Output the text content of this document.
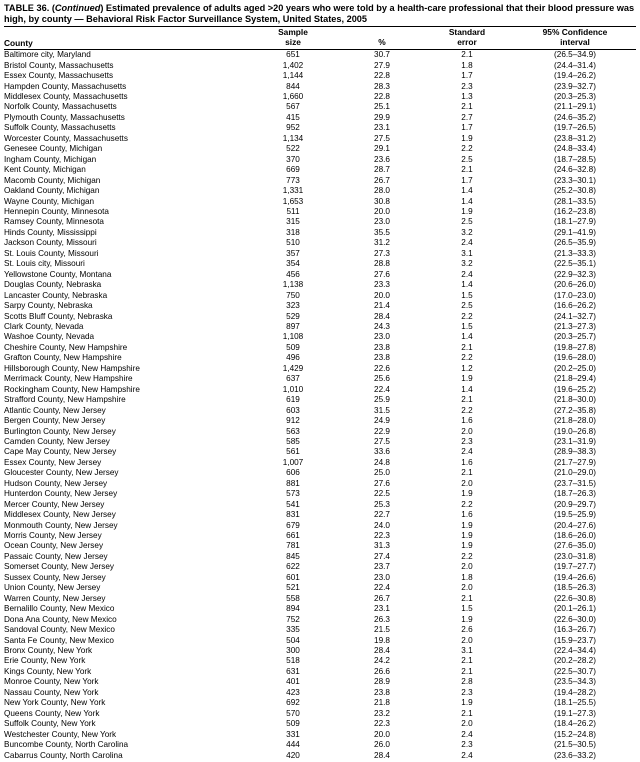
TABLE 36. (Continued) Estimated prevalence of adults aged >20 years who were told by a health-care professional that their blood pressure was high, by county — Behavioral Risk Factor Surveillance System, United States, 2005

	Sample		Standard	95% Confidence
County	size	%	error	interval

Baltimore city, Maryland	651	30.7	2.1	(26.5–34.9)
Bristol County, Massachusetts	1,402	27.9	1.8	(24.4–31.4)
Essex County, Massachusetts	1,144	22.8	1.7	(19.4–26.2)
Hampden County, Massachusetts	844	28.3	2.3	(23.9–32.7)
Middlesex County, Massachusetts	1,660	22.8	1.3	(20.3–25.3)
Norfolk County, Massachusetts	567	25.1	2.1	(21.1–29.1)
Plymouth County, Massachusetts	415	29.9	2.7	(24.6–35.2)
Suffolk County, Massachusetts	952	23.1	1.7	(19.7–26.5)
Worcester County, Massachusetts	1,134	27.5	1.9	(23.8–31.2)
Genesee County, Michigan	522	29.1	2.2	(24.8–33.4)
Ingham County, Michigan	370	23.6	2.5	(18.7–28.5)
Kent County, Michigan	669	28.7	2.1	(24.6–32.8)
Macomb County, Michigan	773	26.7	1.7	(23.3–30.1)
Oakland County, Michigan	1,331	28.0	1.4	(25.2–30.8)
Wayne County, Michigan	1,653	30.8	1.4	(28.1–33.5)
Hennepin County, Minnesota	511	20.0	1.9	(16.2–23.8)
Ramsey County, Minnesota	315	23.0	2.5	(18.1–27.9)
Hinds County, Mississippi	318	35.5	3.2	(29.1–41.9)
Jackson County, Missouri	510	31.2	2.4	(26.5–35.9)
St. Louis County, Missouri	357	27.3	3.1	(21.3–33.3)
St. Louis city, Missouri	354	28.8	3.2	(22.5–35.1)
Yellowstone County, Montana	456	27.6	2.4	(22.9–32.3)
Douglas County, Nebraska	1,138	23.3	1.4	(20.6–26.0)
Lancaster County, Nebraska	750	20.0	1.5	(17.0–23.0)
Sarpy County, Nebraska	323	21.4	2.5	(16.6–26.2)
Scotts Bluff County, Nebraska	529	28.4	2.2	(24.1–32.7)
Clark County, Nevada	897	24.3	1.5	(21.3–27.3)
Washoe County, Nevada	1,108	23.0	1.4	(20.3–25.7)
Cheshire County, New Hampshire	509	23.8	2.1	(19.8–27.8)
Grafton County, New Hampshire	496	23.8	2.2	(19.6–28.0)
Hillsborough County, New Hampshire	1,429	22.6	1.2	(20.2–25.0)
Merrimack County, New Hampshire	637	25.6	1.9	(21.8–29.4)
Rockingham County, New Hampshire	1,010	22.4	1.4	(19.6–25.2)
Strafford County, New Hampshire	619	25.9	2.1	(21.8–30.0)
Atlantic County, New Jersey	603	31.5	2.2	(27.2–35.8)
Bergen County, New Jersey	912	24.9	1.6	(21.8–28.0)
Burlington County, New Jersey	563	22.9	2.0	(19.0–26.8)
Camden County, New Jersey	585	27.5	2.3	(23.1–31.9)
Cape May County, New Jersey	561	33.6	2.4	(28.9–38.3)
Essex County, New Jersey	1,007	24.8	1.6	(21.7–27.9)
Gloucester County, New Jersey	606	25.0	2.1	(21.0–29.0)
Hudson County, New Jersey	881	27.6	2.0	(23.7–31.5)
Hunterdon County, New Jersey	573	22.5	1.9	(18.7–26.3)
Mercer County, New Jersey	541	25.3	2.2	(20.9–29.7)
Middlesex County, New Jersey	831	22.7	1.6	(19.5–25.9)
Monmouth County, New Jersey	679	24.0	1.9	(20.4–27.6)
Morris County, New Jersey	661	22.3	1.9	(18.6–26.0)
Ocean County, New Jersey	781	31.3	1.9	(27.6–35.0)
Passaic County, New Jersey	845	27.4	2.2	(23.0–31.8)
Somerset County, New Jersey	622	23.7	2.0	(19.7–27.7)
Sussex County, New Jersey	601	23.0	1.8	(19.4–26.6)
Union County, New Jersey	521	22.4	2.0	(18.5–26.3)
Warren County, New Jersey	558	26.7	2.1	(22.6–30.8)
Bernalillo County, New Mexico	894	23.1	1.5	(20.1–26.1)
Dona Ana County, New Mexico	752	26.3	1.9	(22.6–30.0)
Sandoval County, New Mexico	335	21.5	2.6	(16.3–26.7)
Santa Fe County, New Mexico	504	19.8	2.0	(15.9–23.7)
Bronx County, New York	300	28.4	3.1	(22.4–34.4)
Erie County, New York	518	24.2	2.1	(20.2–28.2)
Kings County, New York	631	26.6	2.1	(22.5–30.7)
Monroe County, New York	401	28.9	2.8	(23.5–34.3)
Nassau County, New York	423	23.8	2.3	(19.4–28.2)
New York County, New York	692	21.8	1.9	(18.1–25.5)
Queens County, New York	570	23.2	2.1	(19.1–27.3)
Suffolk County, New York	509	22.3	2.0	(18.4–26.2)
Westchester County, New York	331	20.0	2.4	(15.2–24.8)
Buncombe County, North Carolina	444	26.0	2.3	(21.5–30.5)
Cabarrus County, North Carolina	420	28.4	2.4	(23.6–33.2)
